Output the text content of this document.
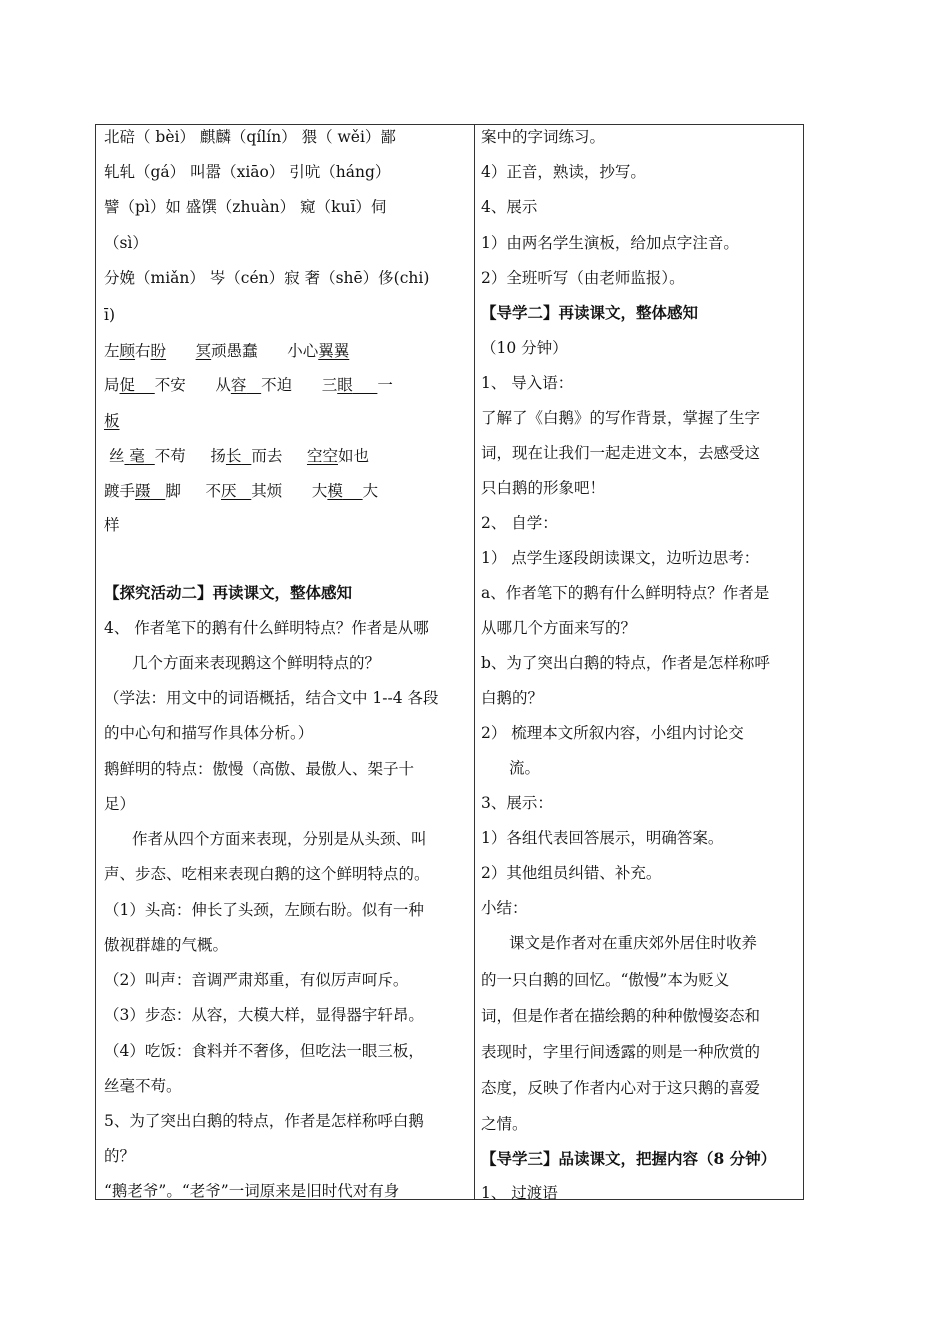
北碚（ bèi） 麒麟（qílín） 猥（ wěi）鄙
轧轧（gá） 叫嚣（xiāo） 引吭（háng）
譬（pì）如 盛馔（zhuàn） 窥（kuī）伺
（sì）
分娩（miǎn） 岑（cén）寂 奢（shē）侈(chi)
ī)
左顾右盼 冥顽愚蠢 小心翼翼
局促 不安 从容 不迫 三眼 一
板
丝 毫 不苟 扬长 而去 空空如也
踱手蹑 脚 不厌 其烦 大模 大
样
【探究活动二】再读课文，整体感知
4、 作者笔下的鹅有什么鲜明特点？作者是从哪
几个方面来表现鹅这个鲜明特点的？
（学法：用文中的词语概括，结合文中 1--4 各段
的中心句和描写作具体分析。）
鹅鲜明的特点：傲慢（高傲、最傲人、架子十
足）
作者从四个方面来表现，分别是从头颈、叫
声、步态、吃相来表现白鹅的这个鲜明特点的。
（1）头高：伸长了头颈，左顾右盼。似有一种
傲视群雄的气概。
（2）叫声：音调严肃郑重，有似厉声呵斥。
（3）步态：从容，大模大样，显得器宇轩昂。
（4）吃饭：食料并不奢侈，但吃法一眼三板，
丝毫不苟。
5、为了突出白鹅的特点，作者是怎样称呼白鹅
的？
“鹅老爷”。“老爷”一词原来是旧时代对有身
案中的字词练习。
4）正音，熟读，抄写。
4、展示
1）由两名学生演板，给加点字注音。
2）全班听写（由老师监报）。
【导学二】再读课文，整体感知
（10 分钟）
1、 导入语：
了解了《白鹅》的写作背景，掌握了生字
词，现在让我们一起走进文本，去感受这
只白鹅的形象吧！
2、 自学：
1） 点学生逐段朗读课文，边听边思考：
a、作者笔下的鹅有什么鲜明特点？作者是
从哪几个方面来写的？
b、为了突出白鹅的特点，作者是怎样称呼
白鹅的？
2） 梳理本文所叙内容，小组内讨论交
流。
3、展示：
1）各组代表回答展示，明确答案。
2）其他组员纠错、补充。
小结：
课文是作者对在重庆郊外居住时收养
的一只白鹅的回忆。“傲慢”本为贬义
词，但是作者在描绘鹅的种种傲慢姿态和
表现时，字里行间透露的则是一种欣赏的
态度，反映了作者内心对于这只鹅的喜爱
之情。
【导学三】品读课文，把握内容（8 分钟）
1、 过渡语
